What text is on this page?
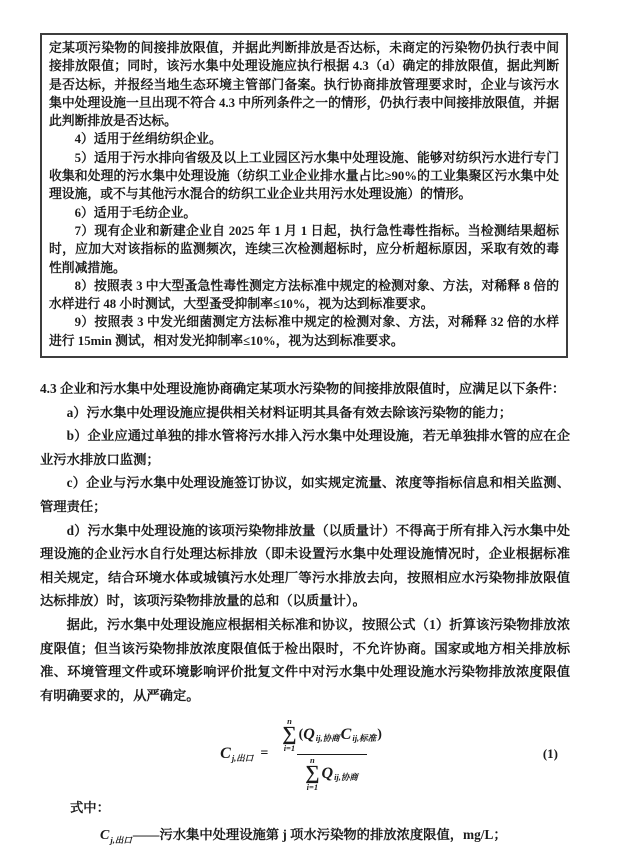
定某项污染物的间接排放限值，并据此判断排放是否达标，未商定的污染物仍执行表中间接排放限值；同时，该污水集中处理设施应执行根据 4.3（d）确定的排放限值，据此判断是否达标，并报经当地生态环境主管部门备案。执行协商排放管理要求时，企业与该污水集中处理设施一旦出现不符合 4.3 中所列条件之一的情形，仍执行表中间接排放限值，并据此判断排放是否达标。

4）适用于丝绢纺织企业。

5）适用于污水排向省级及以上工业园区污水集中处理设施、能够对纺织污水进行专门收集和处理的污水集中处理设施（纺织工业企业排水量占比≥90%的工业集聚区污水集中处理设施，或不与其他污水混合的纺织工业企业共用污水处理设施）的情形。

6）适用于毛纺企业。

7）现有企业和新建企业自 2025 年 1 月 1 日起，执行急性毒性指标。当检测结果超标时，应加大对该指标的监测频次，连续三次检测超标时，应分析超标原因，采取有效的毒性削减措施。

8）按照表 3 中大型蚤急性毒性测定方法标准中规定的检测对象、方法，对稀释 8 倍的水样进行 48 小时测试，大型蚤受抑制率≤10%，视为达到标准要求。

9）按照表 3 中发光细菌测定方法标准中规定的检测对象、方法，对稀释 32 倍的水样进行 15min 测试，相对发光抑制率≤10%，视为达到标准要求。

4.3 企业和污水集中处理设施协商确定某项水污染物的间接排放限值时，应满足以下条件：

a）污水集中处理设施应提供相关材料证明其具备有效去除该污染物的能力；

b）企业应通过单独的排水管将污水排入污水集中处理设施，若无单独排水管的应在企业污水排放口监测；

c）企业与污水集中处理设施签订协议，如实规定流量、浓度等指标信息和相关监测、管理责任；

d）污水集中处理设施的该项污染物排放量（以质量计）不得高于所有排入污水集中处理设施的企业污水自行处理达标排放（即未设置污水集中处理设施情况时，企业根据标准相关规定，结合环境水体或城镇污水处理厂等污水排放去向，按照相应水污染物排放限值达标排放）时，该项污染物排放量的总和（以质量计）。

据此，污水集中处理设施应根据相关标准和协议，按照公式（1）折算该污染物排放浓度限值；但当该污染物排放浓度限值低于检出限时，不允许协商。国家或地方相关排放标准、环境管理文件或环境影响评价批复文件中对污水集中处理设施水污染物排放浓度限值有明确要求的，从严确定。

C j,出口 =
n
∑
i=1
( Q ij,协商 C ij,标准 )
n
∑
i=1
Q ij,协商
(1)
式中：
$C_{j,出口}——$污水集中处理设施第 j 项水污染物的排放浓度限值，mg/L；
